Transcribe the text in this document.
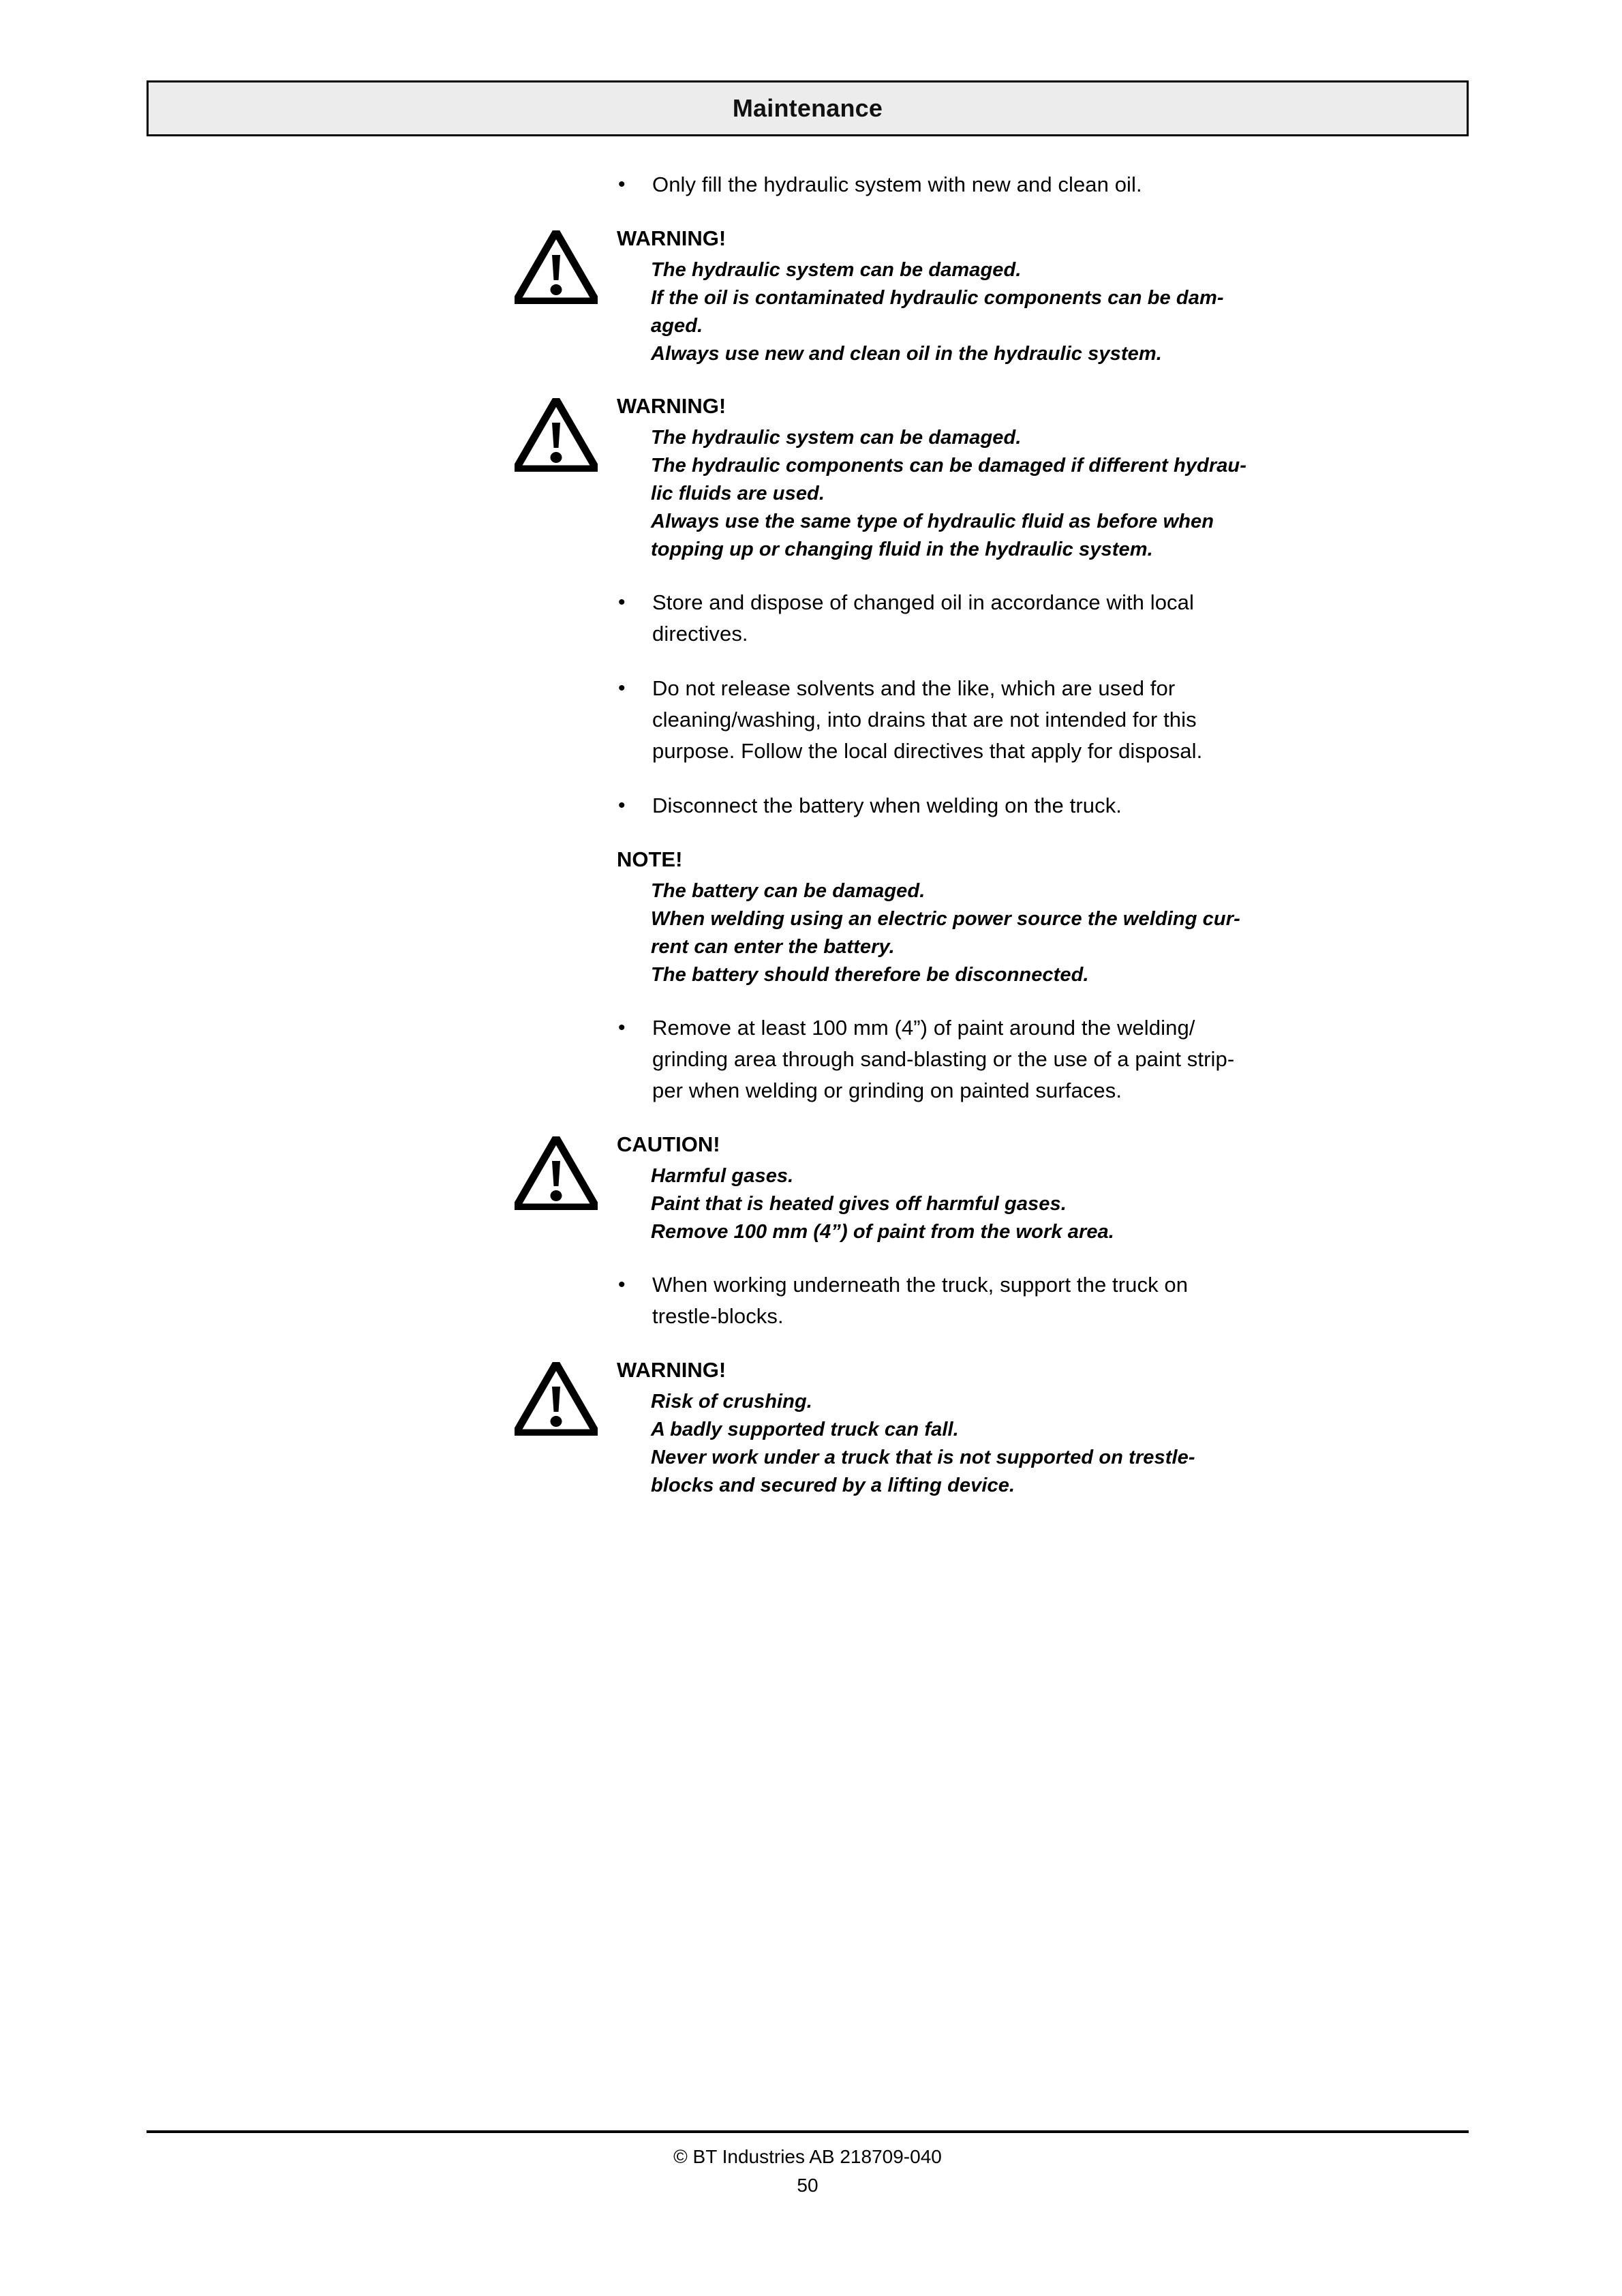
Maintenance
•	Only fill the hydraulic system with new and clean oil.
WARNING!
The hydraulic system can be damaged.
If the oil is contaminated hydraulic components can be dam-
aged.
Always use new and clean oil in the hydraulic system.
WARNING!
The hydraulic system can be damaged.
The hydraulic components can be damaged if different hydrau-
lic fluids are used.
Always use the same type of hydraulic fluid as before when
topping up or changing fluid in the hydraulic system.
•	Store and dispose of changed oil in accordance with local
directives.
•	Do not release solvents and the like, which are used for
cleaning/washing, into drains that are not intended for this
purpose. Follow the local directives that apply for disposal.
•	Disconnect the battery when welding on the truck.
NOTE!
The battery can be damaged.
When welding using an electric power source the welding cur-
rent can enter the battery.
The battery should therefore be disconnected.
•	Remove at least 100 mm (4”) of paint around the welding/
grinding area through sand-blasting or the use of a paint strip-
per when welding or grinding on painted surfaces.
CAUTION!
Harmful gases.
Paint that is heated gives off harmful gases.
Remove 100 mm (4”) of paint from the work area.
•	When working underneath the truck, support the truck on
trestle-blocks.
WARNING!
Risk of crushing.
A badly supported truck can fall.
Never work under a truck that is not supported on trestle-
blocks and secured by a lifting device.
© BT Industries AB 218709-040
50
